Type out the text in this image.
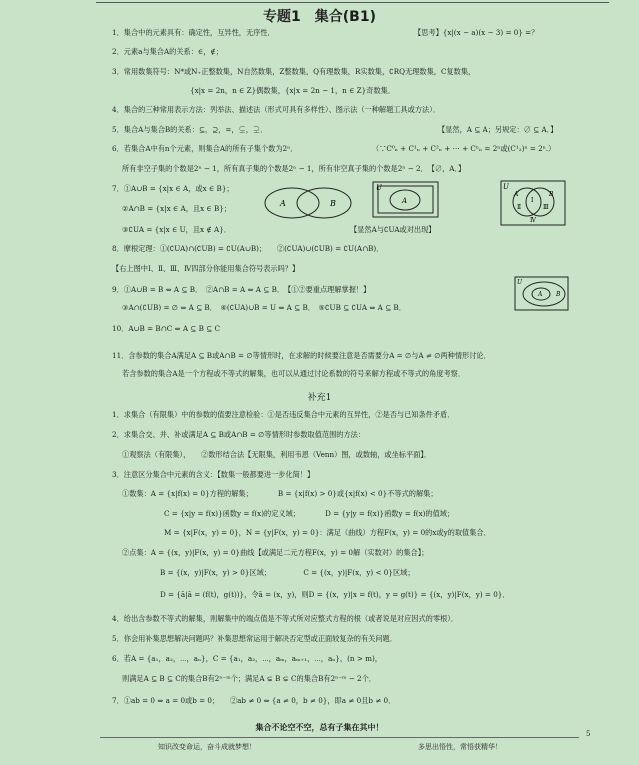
专题1　集合(B1)
1．集合中的元素具有：确定性，互异性，无序性．	【思考】{x|(x − a)(x − 3) = 0} =？
2．元素a与集合A的关系：∈，∉；
3．常用数集符号：N*或N₊正整数集，N自然数集，Z整数集，Q有理数集，R实数集，∁RQ无理数集，C复数集，
{x|x = 2n，n ∈ Z}偶数集，{x|x = 2n − 1，n ∈ Z}奇数集．
4．集合的三种常用表示方法：列举法、描述法（形式可具有多样性）、图示法（一种解题工具或方法）．
5．集合A与集合B的关系：⊆，⊇，=，⊊，⊋．	【显然，A ⊆ A；另规定：∅ ⊆ A．】
6．若集合A中有n个元素，则集合A的所有子集个数为2ⁿ．	（∵C⁰ₙ + C¹ₙ + C²ₙ + ⋯ + Cⁿₙ = 2ⁿ或(C¹₂)ⁿ = 2ⁿ.）
所有非空子集的个数是2ⁿ − 1，所有真子集的个数是2ⁿ − 1，所有非空真子集的个数是2ⁿ − 2．　【∅，A．】
7．①A∪B = {x|x ∈ A，或x ∈ B}；
②A∩B = {x|x ∈ A，且x ∈ B}；
③∁UA = {x|x ∈ U，且x ∉ A}．	【显然A与∁UA或对出现】
8．摩根定理：①(∁UA)∩(∁UB) = ∁U(A∪B)；　　②(∁UA)∪(∁UB) = ∁U(A∩B)．
【右上图中Ⅰ、Ⅱ、Ⅲ、Ⅳ四部分你能用集合符号表示吗？】
9．①A∪B = B ⇔ A ⊆ B．　②A∩B = A ⇔ A ⊆ B．　【①②要重点理解掌握！】
③A∩(∁UB) = ∅ ⇔ A ⊆ B．　④(∁UA)∪B = U ⇔ A ⊆ B．　⑤∁UB ⊆ ∁UA ⇔ A ⊆ B．
10．A∪B = B∩C ⇔ A ⊆ B ⊆ C
11．含参数的集合A满足A ⊆ B或A∩B = ∅等情形时，在求解的时候要注意是否需要分A = ∅与A ≠ ∅两种情形讨论．
若含参数的集合A是一个方程或不等式的解集，也可以从通过讨论系数的符号来解方程或不等式的角度考察．
A	B
U
A
U
A	B
Ⅰ
Ⅱ	Ⅲ
Ⅳ
U
A B
补充1
1．求集合（有限集）中的参数的值要注意检验：①是否违反集合中元素的互异性，②是否与已知条件矛盾．
2．求集合交、并、补或满足A ⊆ B或A∩B = ∅等情形时参数取值范围的方法：
①观察法（有限集），　　②数形结合法【无限集，利用韦恩（Venn）图，或数轴，或坐标平面】．
3．注意区分集合中元素的含义：【数集一般都要进一步化简！】
①数集：A = {x|f(x) = 0}方程的解集；　　　　B = {x|f(x) > 0}或{x|f(x) < 0}不等式的解集；
C = {x|y = f(x)}函数y = f(x)的定义域；　　　　D = {y|y = f(x)}函数y = f(x)的值域；
M = {x|F(x，y) = 0}，N = {y|F(x，y) = 0}：满足（曲线）方程F(x，y) = 0的x或y的取值集合．
②点集：A = {(x，y)|F(x，y) = 0}曲线【或满足二元方程F(x，y) = 0解（实数对）的集合】；
B = {(x，y)|F(x，y) > 0}区域；　　　　　C = {(x，y)|F(x，y) < 0}区域；
D = {ā|ā = (f(t)，g(t))}，令ā = (x，y)，则D = {(x，y)|x = f(t)，y = g(t)} = {(x，y)|F(x，y) = 0}．
4．给出含参数不等式的解集，则解集中的端点值是不等式所对应整式方程的根（或者说是对应因式的零根）．
5．你会用补集思想解决问题吗？补集思想常运用于解决否定型或正面较复杂的有关问题．
6．若A = {a₁，a₂，⋯，aₙ}，C = {a₁，a₂，⋯，aₘ，aₘ₊₁，⋯，aₙ}，(n > m)，
则满足A ⊆ B ⊆ C的集合B有2ⁿ⁻ᵐ个；满足A ⊊ B ⊊ C的集合B有2ⁿ⁻ᵐ − 2个．
7．①ab = 0 ⇔ a = 0或b = 0；　　②ab ≠ 0 ⇔ {a ≠ 0，b ≠ 0}，即a ≠ 0且b ≠ 0．
集合不论空不空，总有子集在其中！
5
知识改变命运，奋斗成就梦想！	多思出悟性，常悟获精华！
